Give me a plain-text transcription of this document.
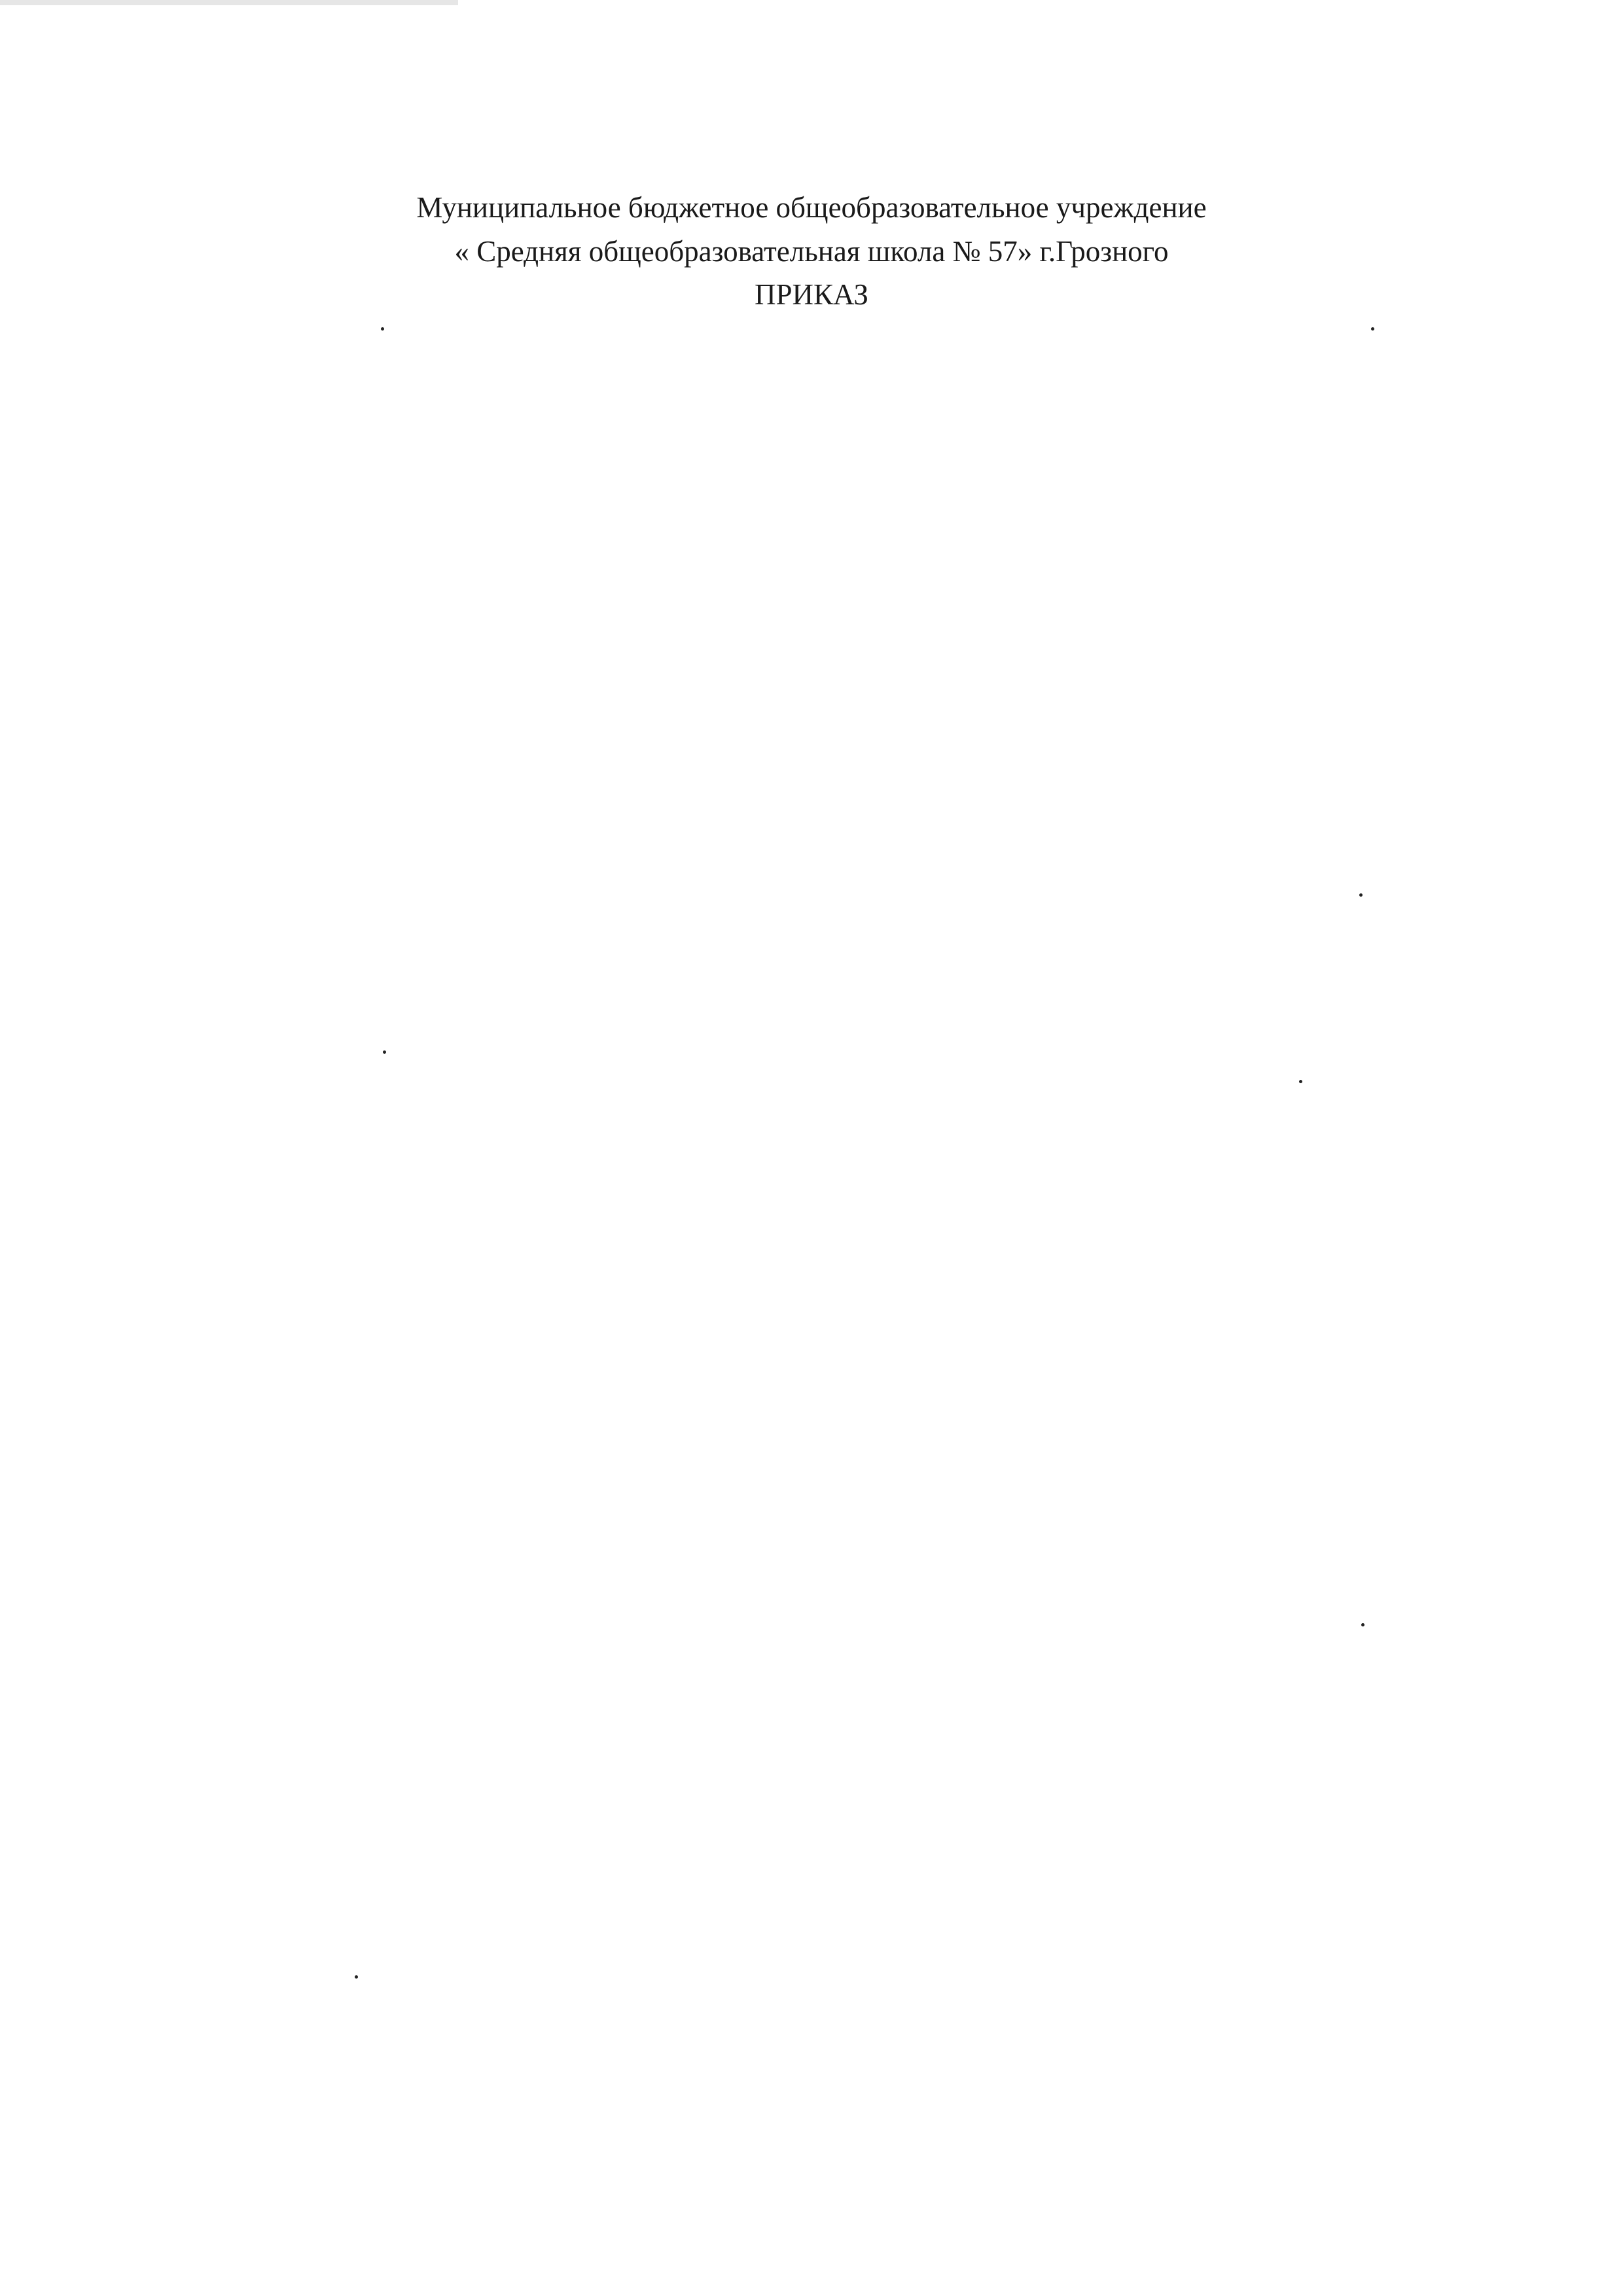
Муниципальное бюджетное общеобразовательное учреждение
« Средняя общеобразовательная школа № 57» г.Грозного
ПРИКАЗ
